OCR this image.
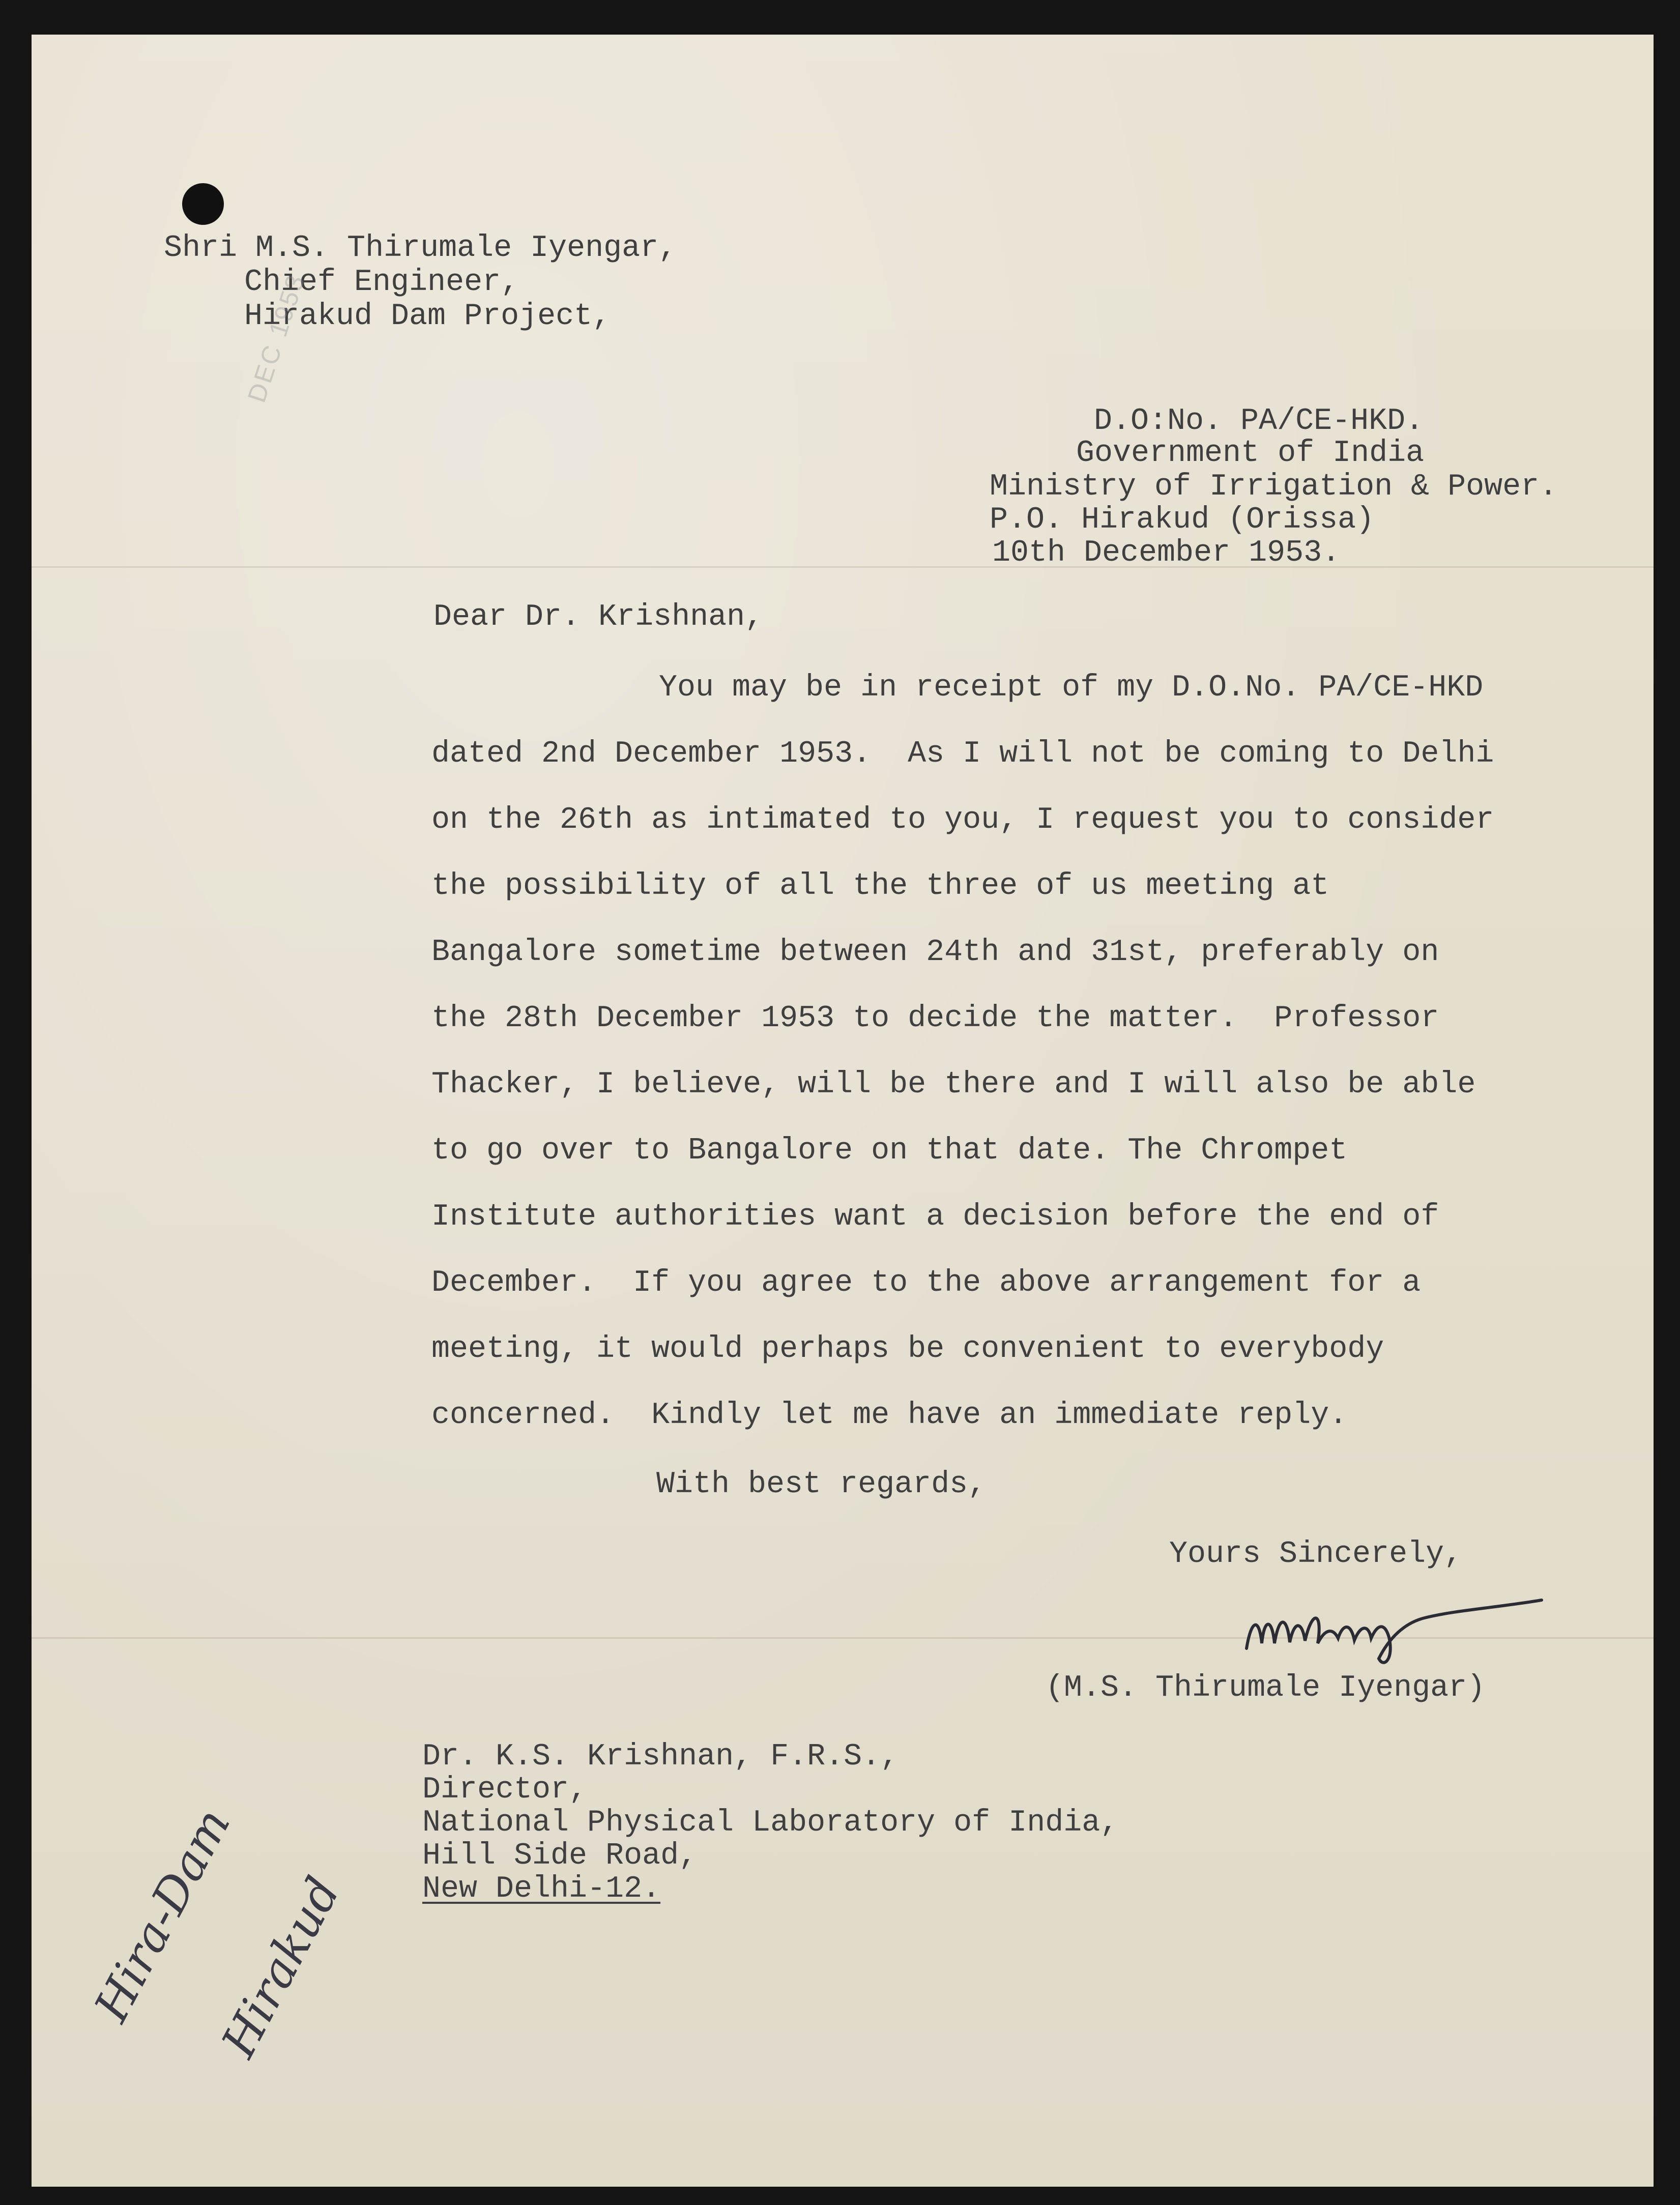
Shri M.S. Thirumale Iyengar,
Chief Engineer,
Hirakud Dam Project,
DEC 1953
D.O:No. PA/CE-HKD.
Government of India
Ministry of Irrigation & Power.
P.O. Hirakud (Orissa)
10th December 1953.
Dear Dr. Krishnan,
You may be in receipt of my D.O.No. PA/CE-HKD
dated 2nd December 1953.  As I will not be coming to Delhi
on the 26th as intimated to you, I request you to consider
the possibility of all the three of us meeting at
Bangalore sometime between 24th and 31st, preferably on
the 28th December 1953 to decide the matter.  Professor
Thacker, I believe, will be there and I will also be able
to go over to Bangalore on that date. The Chrompet
Institute authorities want a decision before the end of
December.  If you agree to the above arrangement for a
meeting, it would perhaps be convenient to everybody
concerned.  Kindly let me have an immediate reply.
With best regards,
Yours Sincerely,
(M.S. Thirumale Iyengar)
Dr. K.S. Krishnan, F.R.S.,
Director,
National Physical Laboratory of India,
Hill Side Road,
New Delhi-12.
Hira-Dam
Hirakud
